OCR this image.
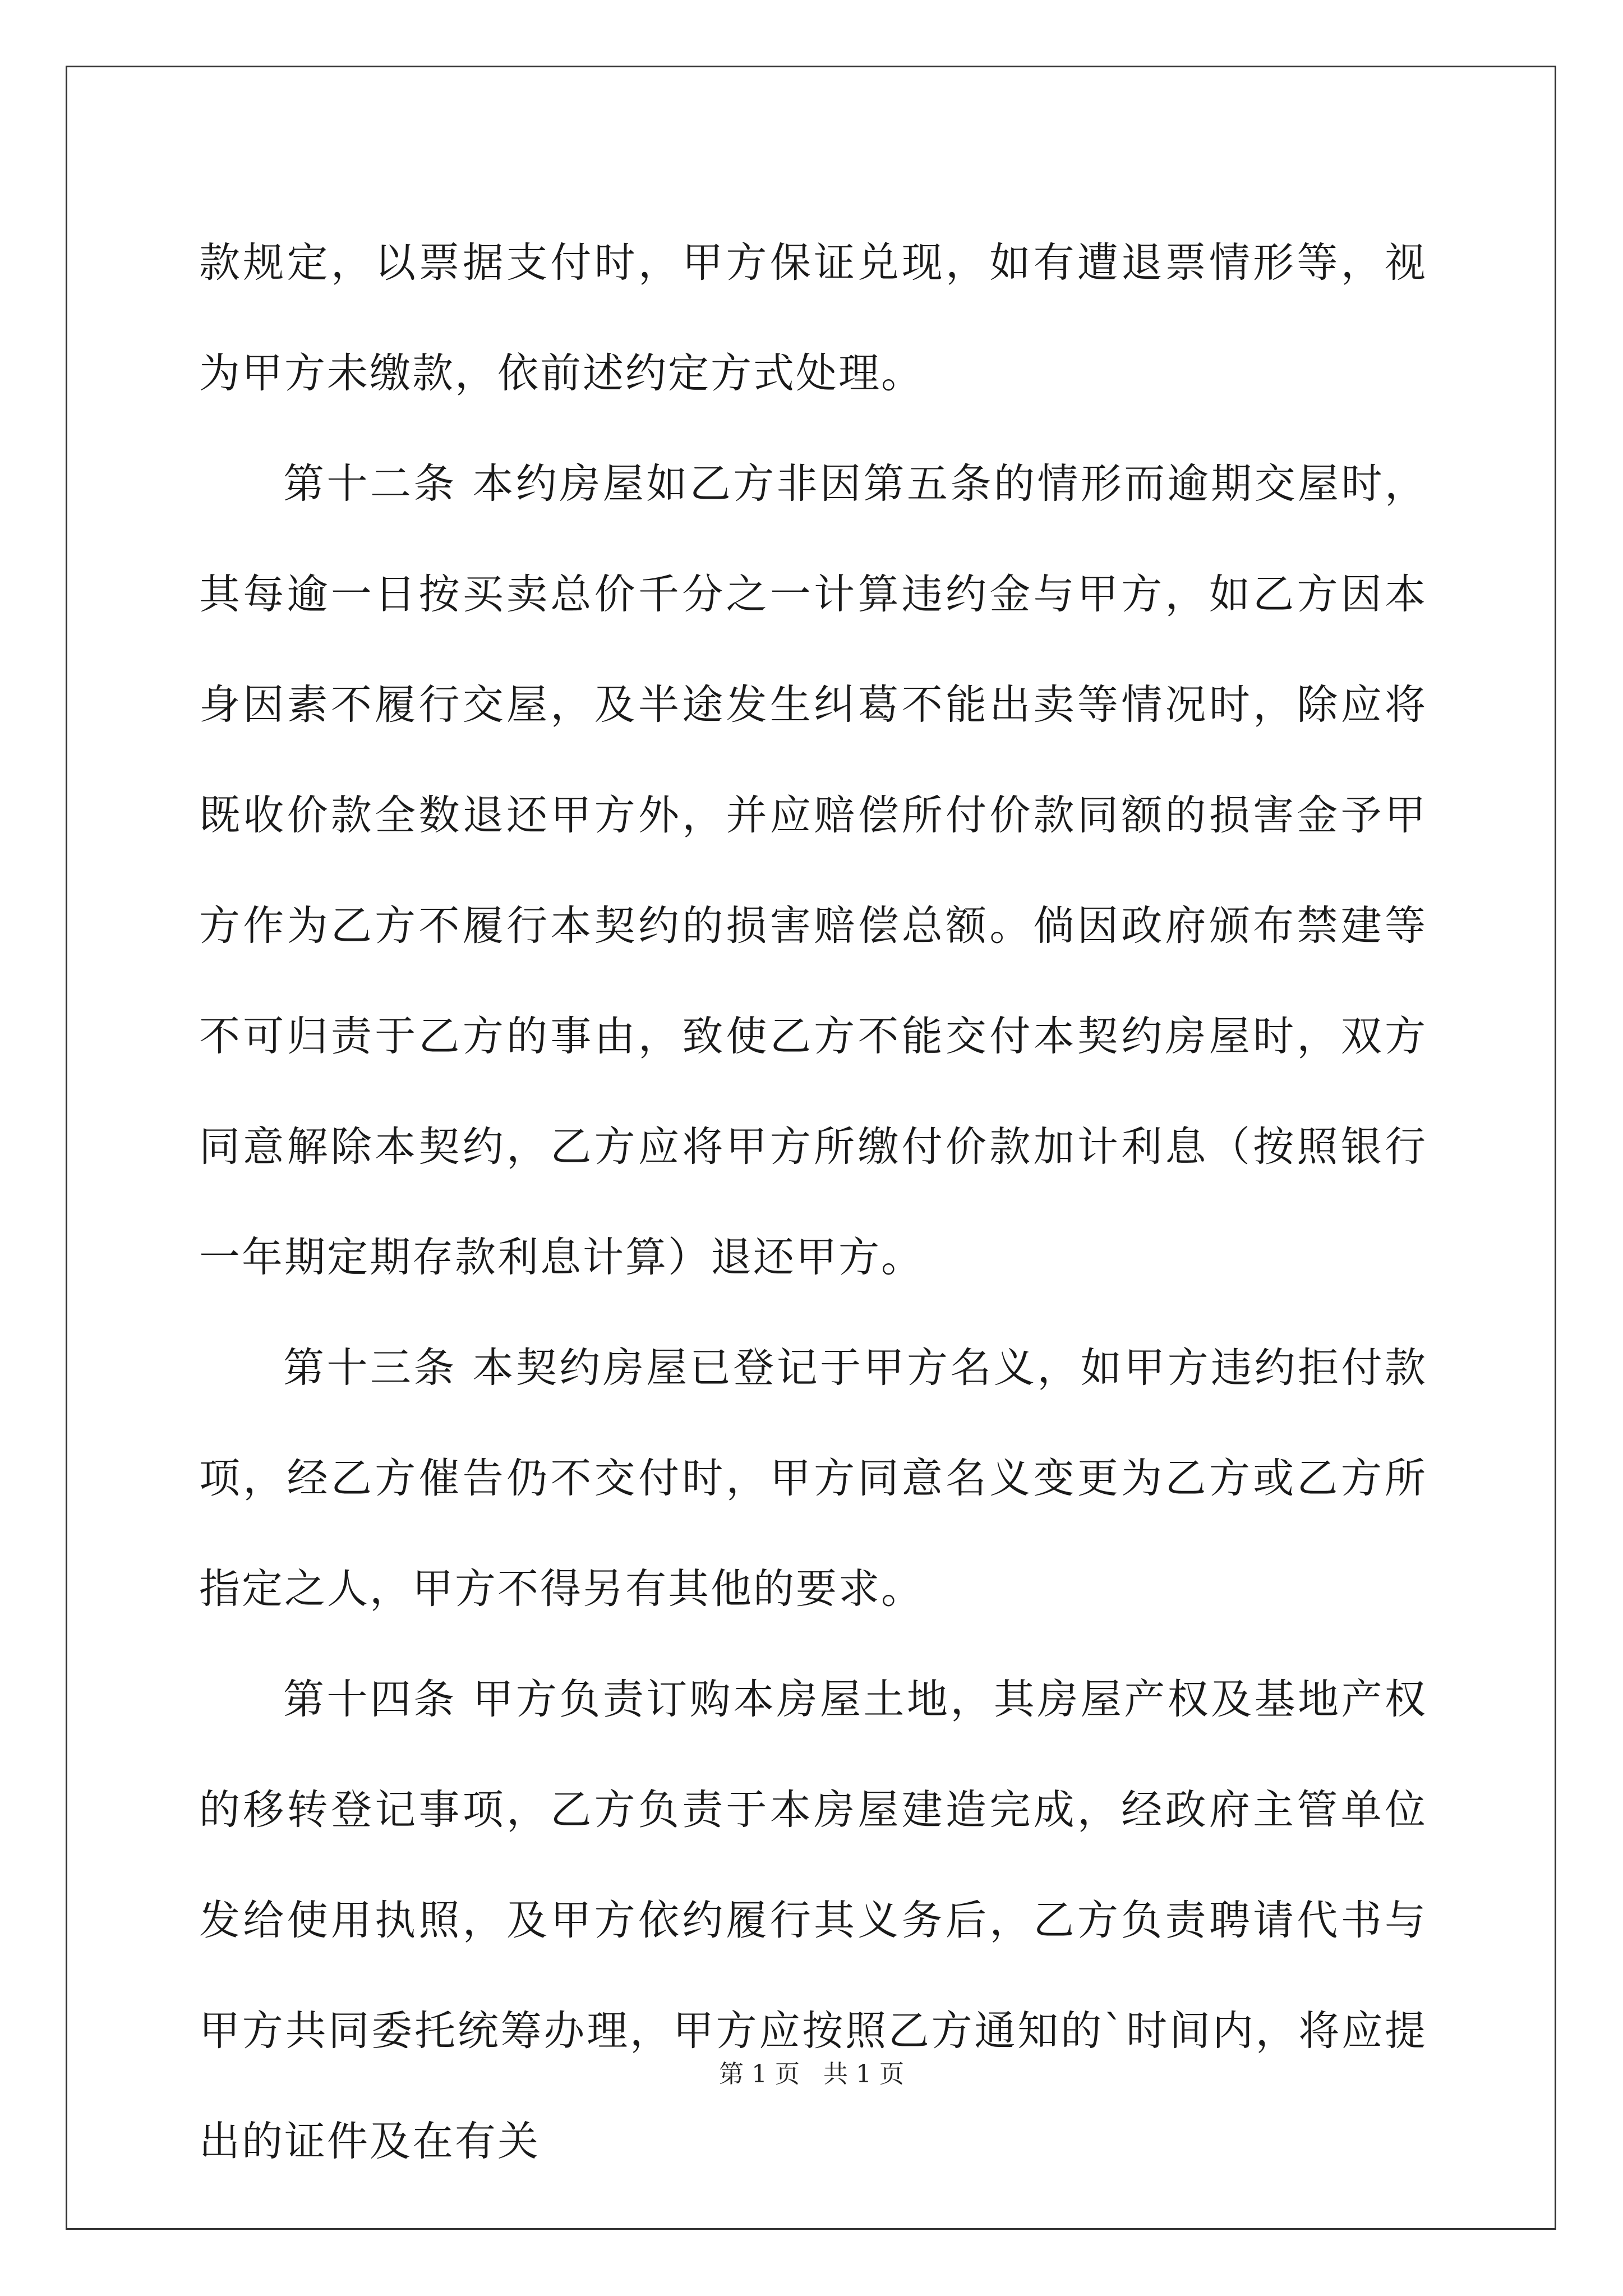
款规定，以票据支付时，甲方保证兑现，如有遭退票情形等，视为甲方未缴款，依前述约定方式处理。

第十二条 本约房屋如乙方非因第五条的情形而逾期交屋时，其每逾一日按买卖总价千分之一计算违约金与甲方，如乙方因本身因素不履行交屋，及半途发生纠葛不能出卖等情况时，除应将既收价款全数退还甲方外，并应赔偿所付价款同额的损害金予甲方作为乙方不履行本契约的损害赔偿总额。倘因政府颁布禁建等不可归责于乙方的事由，致使乙方不能交付本契约房屋时，双方同意解除本契约，乙方应将甲方所缴付价款加计利息（按照银行一年期定期存款利息计算）退还甲方。

第十三条 本契约房屋已登记于甲方名义，如甲方违约拒付款项，经乙方催告仍不交付时，甲方同意名义变更为乙方或乙方所指定之人，甲方不得另有其他的要求。

第十四条 甲方负责订购本房屋土地，其房屋产权及基地产权的移转登记事项，乙方负责于本房屋建造完成，经政府主管单位发给使用执照，及甲方依约履行其义务后，乙方负责聘请代书与甲方共同委托统筹办理，甲方应按照乙方通知的`时间内，将应提出的证件及在有关

第 1 页 共 1 页
